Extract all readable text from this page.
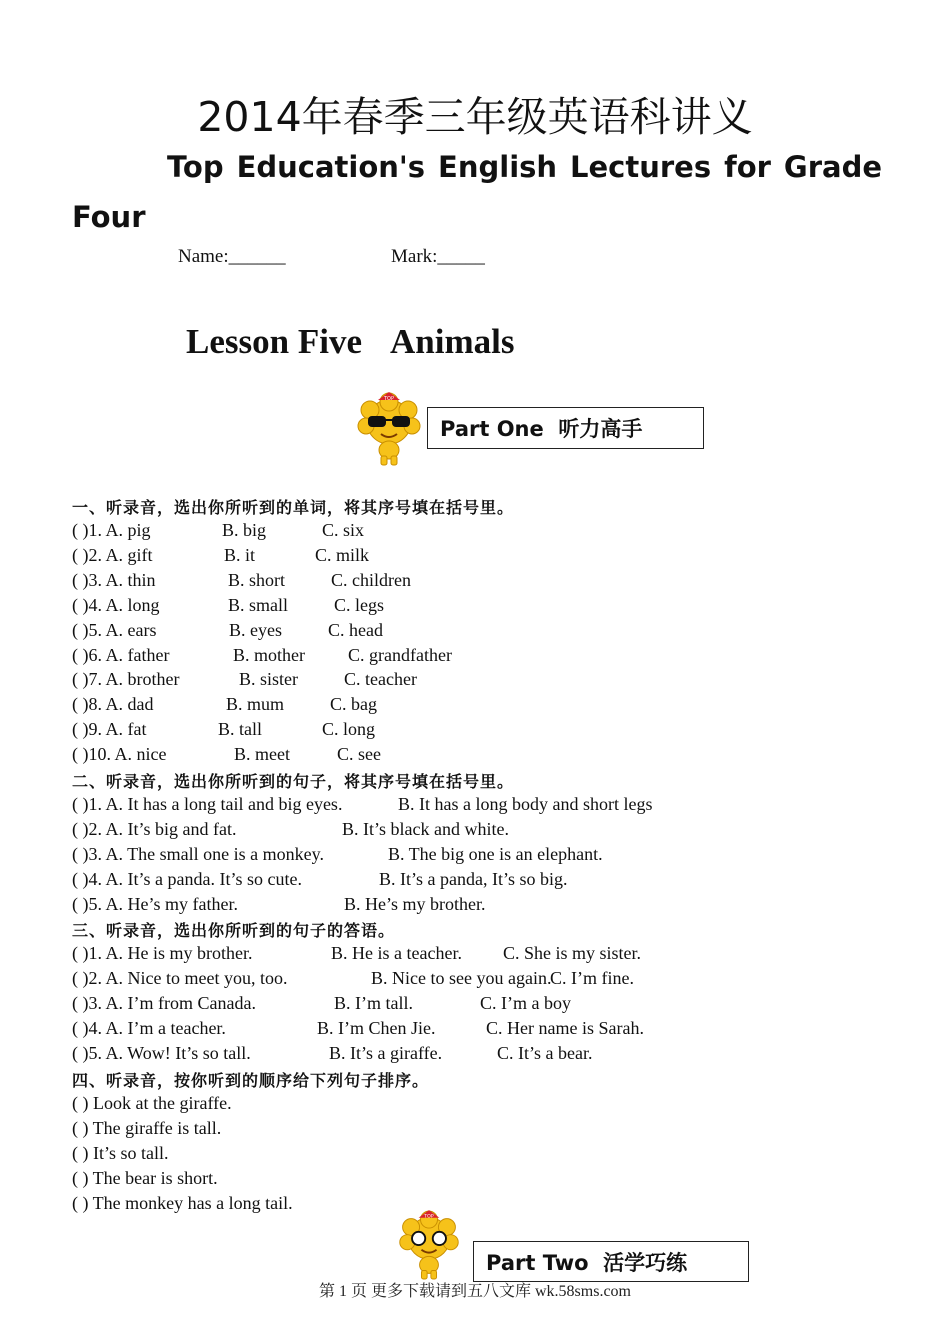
2014年春季三年级英语科讲义
Top Education's English Lectures for Grade
Four
Name:______	Mark:_____
Lesson Five Animals
TOP
Part One  听力高手
一、听录音，选出你所听到的单词，将其序号填在括号里。
( )1. A. pig	B. big	C. six
( )2. A. gift	B. it	C. milk
( )3. A. thin	B. short	C. children
( )4. A. long	B. small	C. legs
( )5. A. ears	B. eyes	C. head
( )6. A. father	B. mother C. grandfather
( )7. A. brother	B. sister	C. teacher
( )8. A. dad	B. mum	C. bag
( )9. A. fat	B. tall	C. long
( )10. A. nice	B. meet	C. see
二、听录音，选出你所听到的句子，将其序号填在括号里。
( )1. A. It has a long tail and big eyes.	B. It has a long body and short legs
( )2. A. It’s big and fat.	B. It’s black and white.
( )3. A. The small one is a monkey.	B. The big one is an elephant.
( )4. A. It’s a panda. It’s so cute.	B. It’s a panda, It’s so big.
( )5. A. He’s my father.	B. He’s my brother.
三、听录音，选出你所听到的句子的答语。
( )1. A. He is my brother.	B. He is a teacher. C. She is my sister.
( )2. A. Nice to meet you, too.	B. Nice to see you again.
C. I’m fine.
( )3. A. I’m from Canada.	B. I’m tall.	C. I’m a boy
( )4. A. I’m a teacher.	B. I’m Chen Jie.	C. Her name is Sarah.
( )5. A. Wow! It’s so tall.	B. It’s a giraffe.	C. It’s a bear.
四、听录音，按你听到的顺序给下列句子排序。
( ) Look at the giraffe.
( ) The giraffe is tall.
( ) It’s so tall.
( ) The bear is short.
( ) The monkey has a long tail.
TOP
Part Two  活学巧练
第 1 页 更多下载请到五八文库 wk.58sms.com
